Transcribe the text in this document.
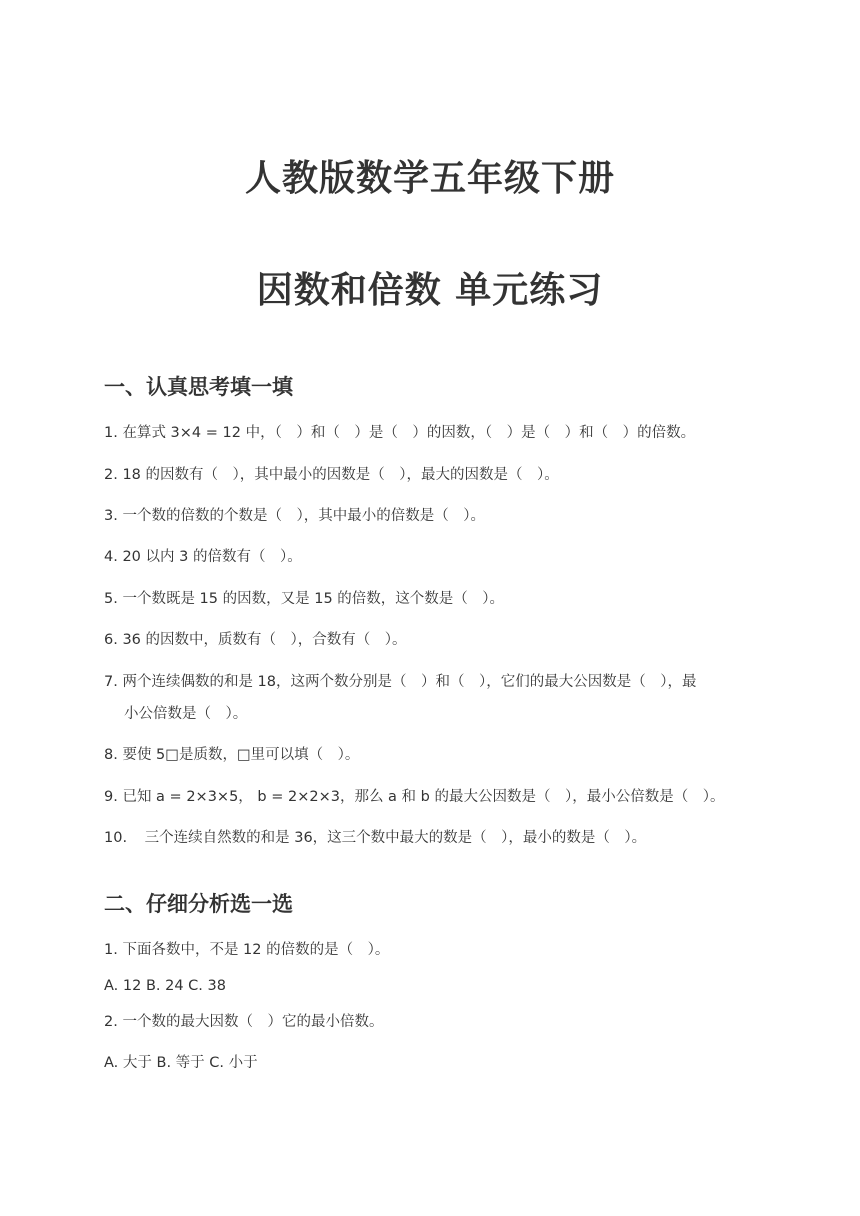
人教版数学五年级下册
因数和倍数 单元练习
一、认真思考填一填
1. 在算式 3×4 = 12 中，（　）和（　）是（　）的因数，（　）是（　）和（　）的倍数。
2. 18 的因数有（　），其中最小的因数是（　），最大的因数是（　）。
3. 一个数的倍数的个数是（　），其中最小的倍数是（　）。
4. 20 以内 3 的倍数有（　）。
5. 一个数既是 15 的因数，又是 15 的倍数，这个数是（　）。
6. 36 的因数中，质数有（　），合数有（　）。
7. 两个连续偶数的和是 18，这两个数分别是（　）和（　），它们的最大公因数是（　），最
小公倍数是（　）。
8. 要使 5□是质数，□里可以填（　）。
9. 已知 a = 2×3×5， b = 2×2×3，那么 a 和 b 的最大公因数是（　），最小公倍数是（　）。
10. 三个连续自然数的和是 36，这三个数中最大的数是（　），最小的数是（　）。
二、仔细分析选一选
1. 下面各数中，不是 12 的倍数的是（　）。
A. 12 B. 24 C. 38
2. 一个数的最大因数（　）它的最小倍数。
A. 大于 B. 等于 C. 小于
